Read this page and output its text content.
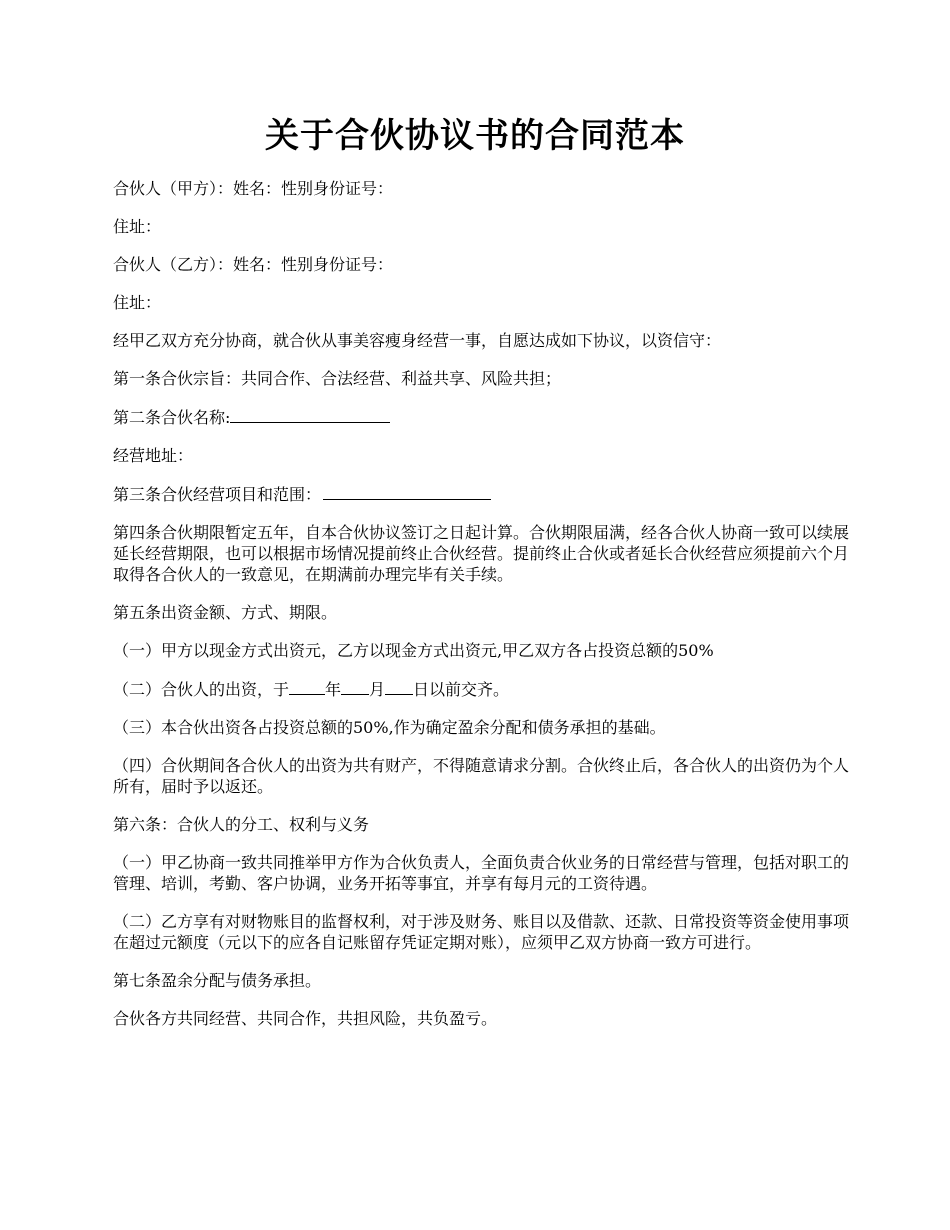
关于合伙协议书的合同范本

合伙人（甲方）：姓名：性别身份证号：

住址：

合伙人（乙方）：姓名：性别身份证号：

住址：

经甲乙双方充分协商，就合伙从事美容瘦身经营一事，自愿达成如下协议，以资信守：

第一条合伙宗旨：共同合作、合法经营、利益共享、风险共担；

第二条合伙名称:

经营地址：

第三条合伙经营项目和范围：

第四条合伙期限暂定五年，自本合伙协议签订之日起计算。合伙期限届满，经各合伙人协商一致可以续展延长经营期限，也可以根据市场情况提前终止合伙经营。提前终止合伙或者延长合伙经营应须提前六个月取得各合伙人的一致意见，在期满前办理完毕有关手续。

第五条出资金额、方式、期限。

（一）甲方以现金方式出资元，乙方以现金方式出资元,甲乙双方各占投资总额的50%

（二）合伙人的出资，于 年 月 日以前交齐。

（三）本合伙出资各占投资总额的50%,作为确定盈余分配和债务承担的基础。

（四）合伙期间各合伙人的出资为共有财产，不得随意请求分割。合伙终止后，各合伙人的出资仍为个人所有，届时予以返还。

第六条：合伙人的分工、权利与义务

（一）甲乙协商一致共同推举甲方作为合伙负责人，全面负责合伙业务的日常经营与管理，包括对职工的管理、培训，考勤、客户协调，业务开拓等事宜，并享有每月元的工资待遇。

（二）乙方享有对财物账目的监督权利，对于涉及财务、账目以及借款、还款、日常投资等资金使用事项在超过元额度（元以下的应各自记账留存凭证定期对账），应须甲乙双方协商一致方可进行。

第七条盈余分配与债务承担。

合伙各方共同经营、共同合作，共担风险，共负盈亏。
